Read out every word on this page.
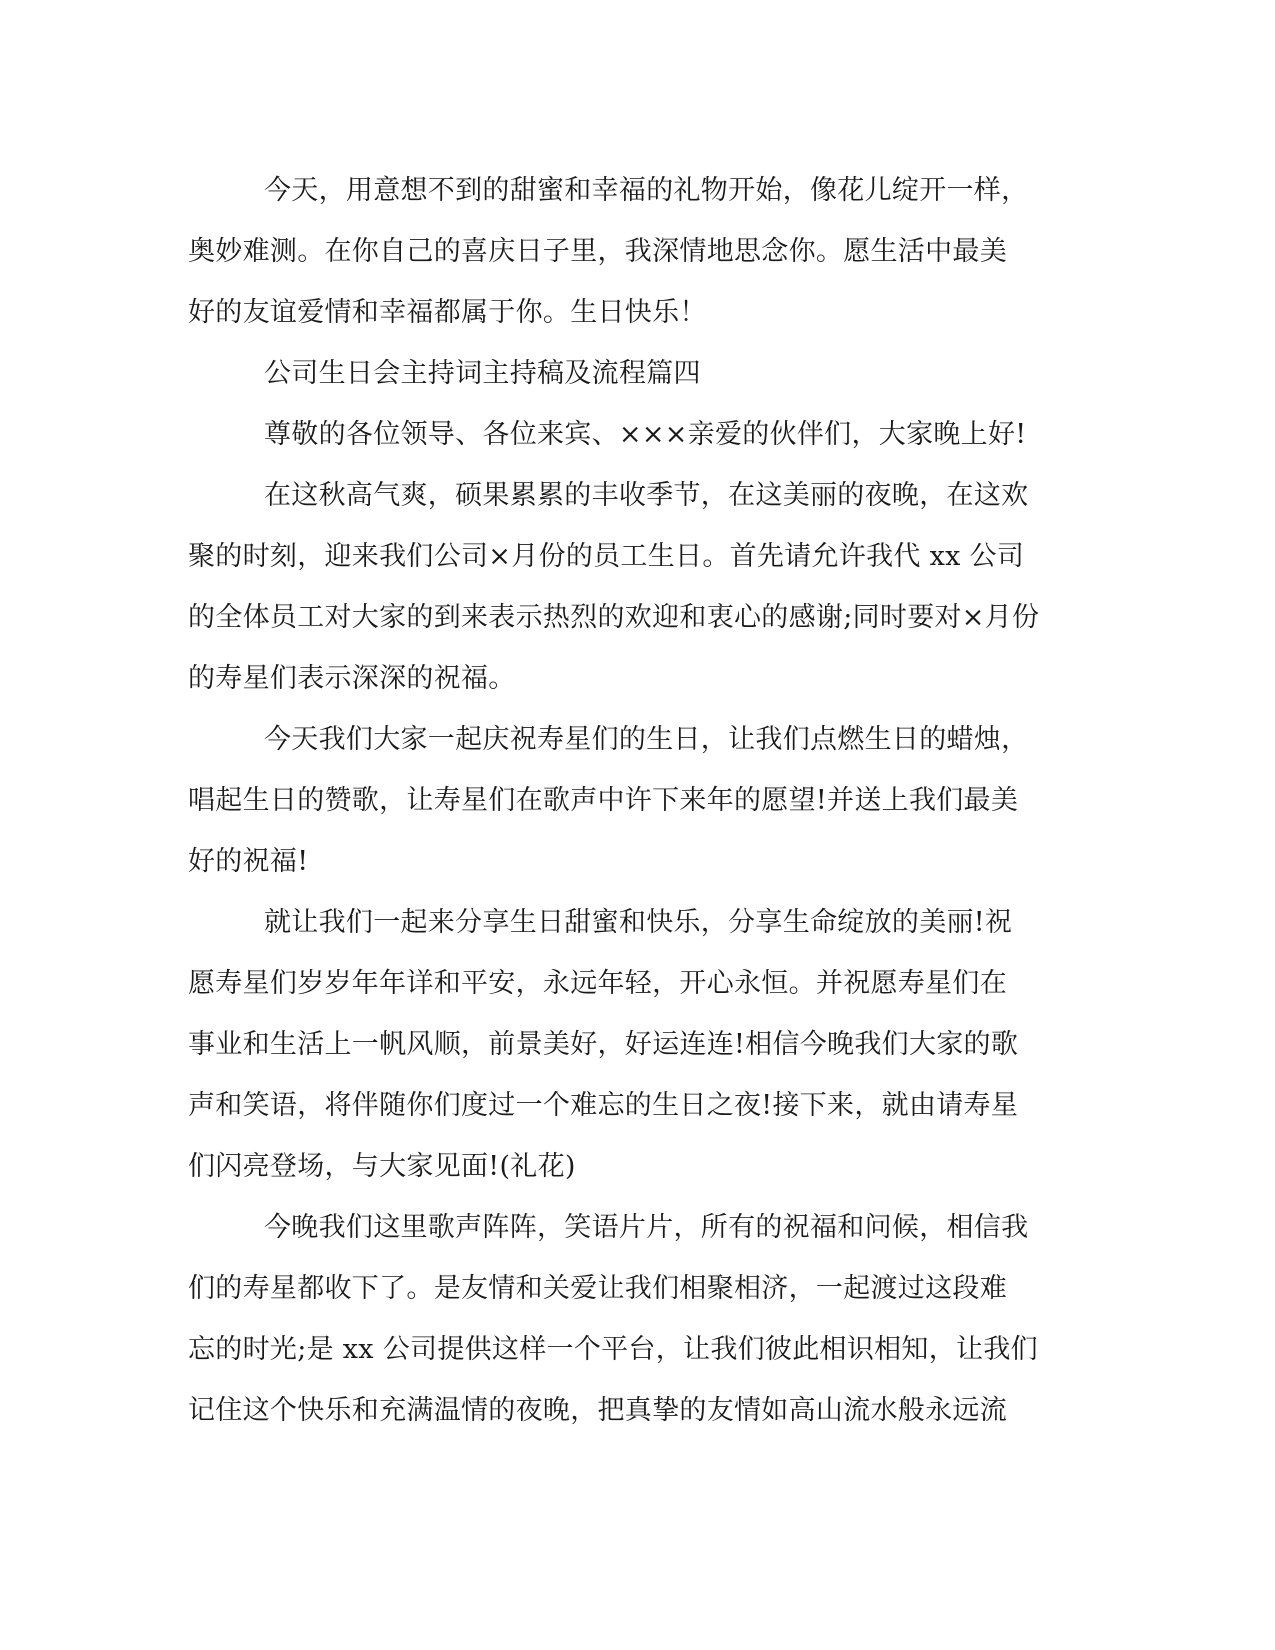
今天，用意想不到的甜蜜和幸福的礼物开始，像花儿绽开一样，
奥妙难测。在你自己的喜庆日子里，我深情地思念你。愿生活中最美
好的友谊爱情和幸福都属于你。生日快乐！
公司生日会主持词主持稿及流程篇四
尊敬的各位领导、各位来宾、×××亲爱的伙伴们，大家晚上好!
在这秋高气爽，硕果累累的丰收季节，在这美丽的夜晚，在这欢
聚的时刻，迎来我们公司×月份的员工生日。首先请允许我代 xx 公司
的全体员工对大家的到来表示热烈的欢迎和衷心的感谢;同时要对×月份
的寿星们表示深深的祝福。
今天我们大家一起庆祝寿星们的生日，让我们点燃生日的蜡烛，
唱起生日的赞歌，让寿星们在歌声中许下来年的愿望!并送上我们最美
好的祝福!
就让我们一起来分享生日甜蜜和快乐，分享生命绽放的美丽!祝
愿寿星们岁岁年年详和平安，永远年轻，开心永恒。并祝愿寿星们在
事业和生活上一帆风顺，前景美好，好运连连!相信今晚我们大家的歌
声和笑语，将伴随你们度过一个难忘的生日之夜!接下来，就由请寿星
们闪亮登场，与大家见面!(礼花)
今晚我们这里歌声阵阵，笑语片片，所有的祝福和问候，相信我
们的寿星都收下了。是友情和关爱让我们相聚相济，一起渡过这段难
忘的时光;是 xx 公司提供这样一个平台，让我们彼此相识相知，让我们
记住这个快乐和充满温情的夜晚，把真挚的友情如高山流水般永远流
